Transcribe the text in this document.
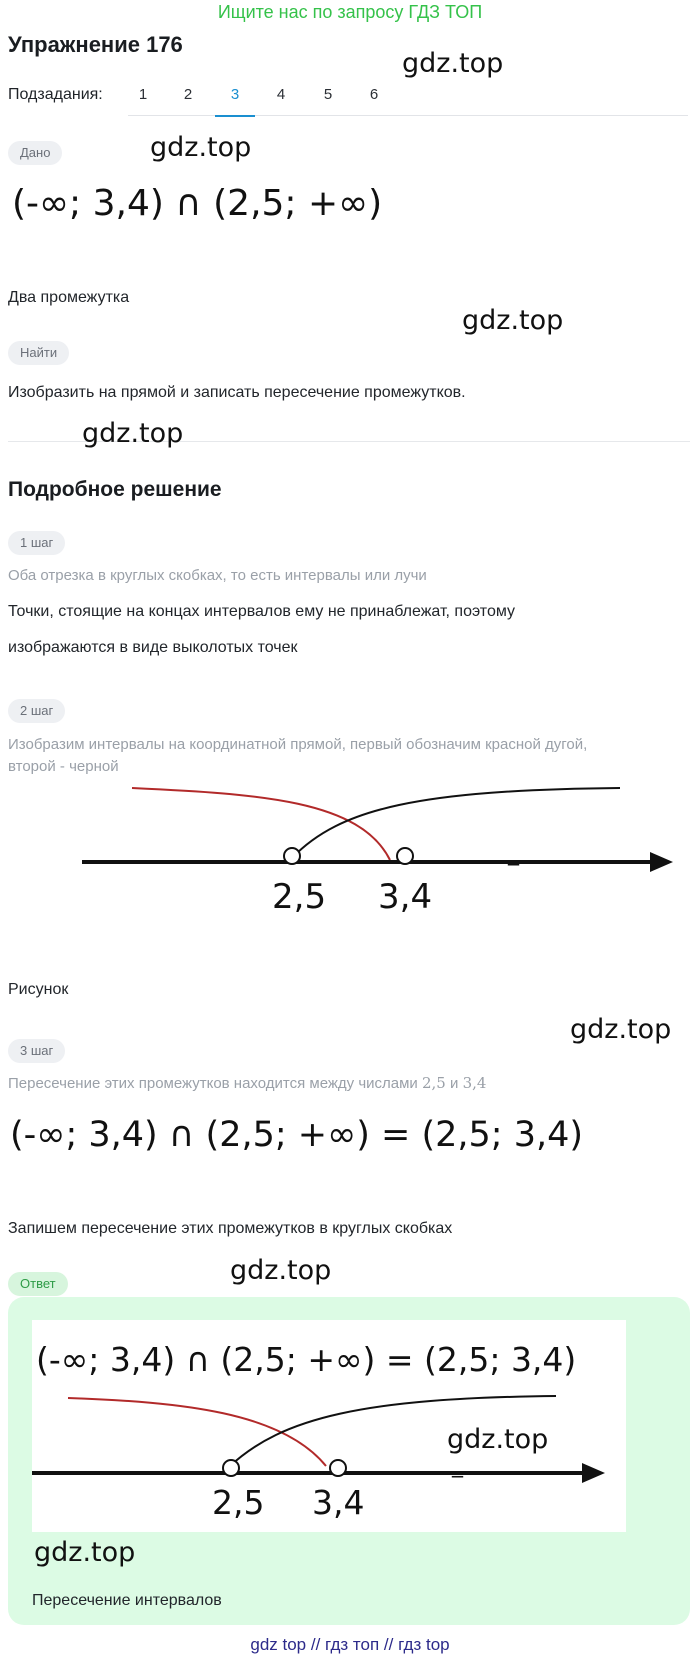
Ищите нас по запросу ГДЗ ТОП
Упражнение 176
Подзадания:	1	2	3	4	5	6
Дано
(-∞; 3,4) ∩ (2,5; +∞)
Два промежутка
Найти
Изобразить на прямой и записать пересечение промежутков.
Подробное решение
1 шаг
Оба отрезка в круглых скобках, то есть интервалы или лучи
Точки, стоящие на концах интервалов ему не принаблежат, поэтому
изображаются в виде выколотых точек
2 шаг
Изобразим интервалы на координатной прямой, первый обозначим красной дугой,
второй - черной
2,5 3,4
_
Рисунок
3 шаг
Пересечение этих промежутков находится между числами 2,5 и 3,4
(-∞; 3,4) ∩ (2,5; +∞) = (2,5; 3,4)
Запишем пересечение этих промежутков в круглых скобках
Ответ
(-∞; 3,4) ∩ (2,5; +∞) = (2,5; 3,4)
2,5 3,4
_
Пересечение интервалов
gdz.top
gdz.top
gdz.top
gdz.top
gdz.top
gdz.top
gdz.top
gdz.top
gdz top // гдз топ // гдз top
